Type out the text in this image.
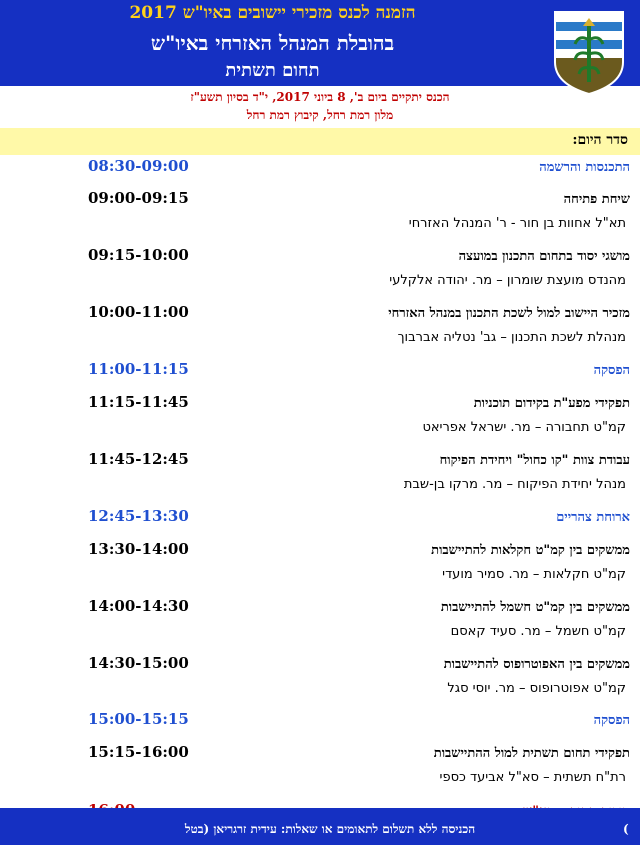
הזמנה לכנס מזכירי יישובים באיו"ש 2017
בהובלת המנהל האזרחי באיו"ש
תחום תשתית
הכנס יתקיים ביום ב', 8 ביוני 2017, י"ד בסיון תשע"ז
מלון רמת רחל, קיבוץ רמת רחל
סדר היום:
08:30-09:00	התכנסות והרשמה
09:00-09:15	שיחת פתיחה
תא"ל אחוות בן חור - ר' המנהל האזרחי
09:15-10:00	מושגי יסוד בתחום התכנון במועצה
מהנדס מועצת שומרון – מר. יהודה אלקלעי
10:00-11:00	מזכיר היישוב למול לשכת התכנון במנהל האזרחי
מנהלת לשכת התכנון – גב' נטליה אברבוך
11:00-11:15	הפסקה
11:15-11:45	תפקידי מפע"ת בקידום תוכניות
קמ"ט תחבורה – מר. ישראל אפריאט
11:45-12:45	עבודת צוות "קו כחול" ויחידת הפיקוח
מנהל יחידת הפיקוח – מר. מרקו בן-שבת
12:45-13:30	ארוחת צהריים
13:30-14:00	ממשקים בין קמ"ט חקלאות להתיישבות
קמ"ט חקלאות – מר. סמיר מועדי
14:00-14:30	ממשקים בין קמ"ט חשמל להתיישבות
קמ"ט חשמל – מר. סעיד קאסם
14:30-15:00	ממשקים בין האפוטרופוס להתיישבות
קמ"ט אפוטרופוס – מר. יוסי סגל
15:00-15:15	הפסקה
15:15-16:00	תפקידי תחום תשתית למול ההתיישבות
רת"ח תשתית – סא"ל אביעד כספי
הכניסה ללא תשלום לתאומים או שאלות: עידית זרגריאן (בטל	(
